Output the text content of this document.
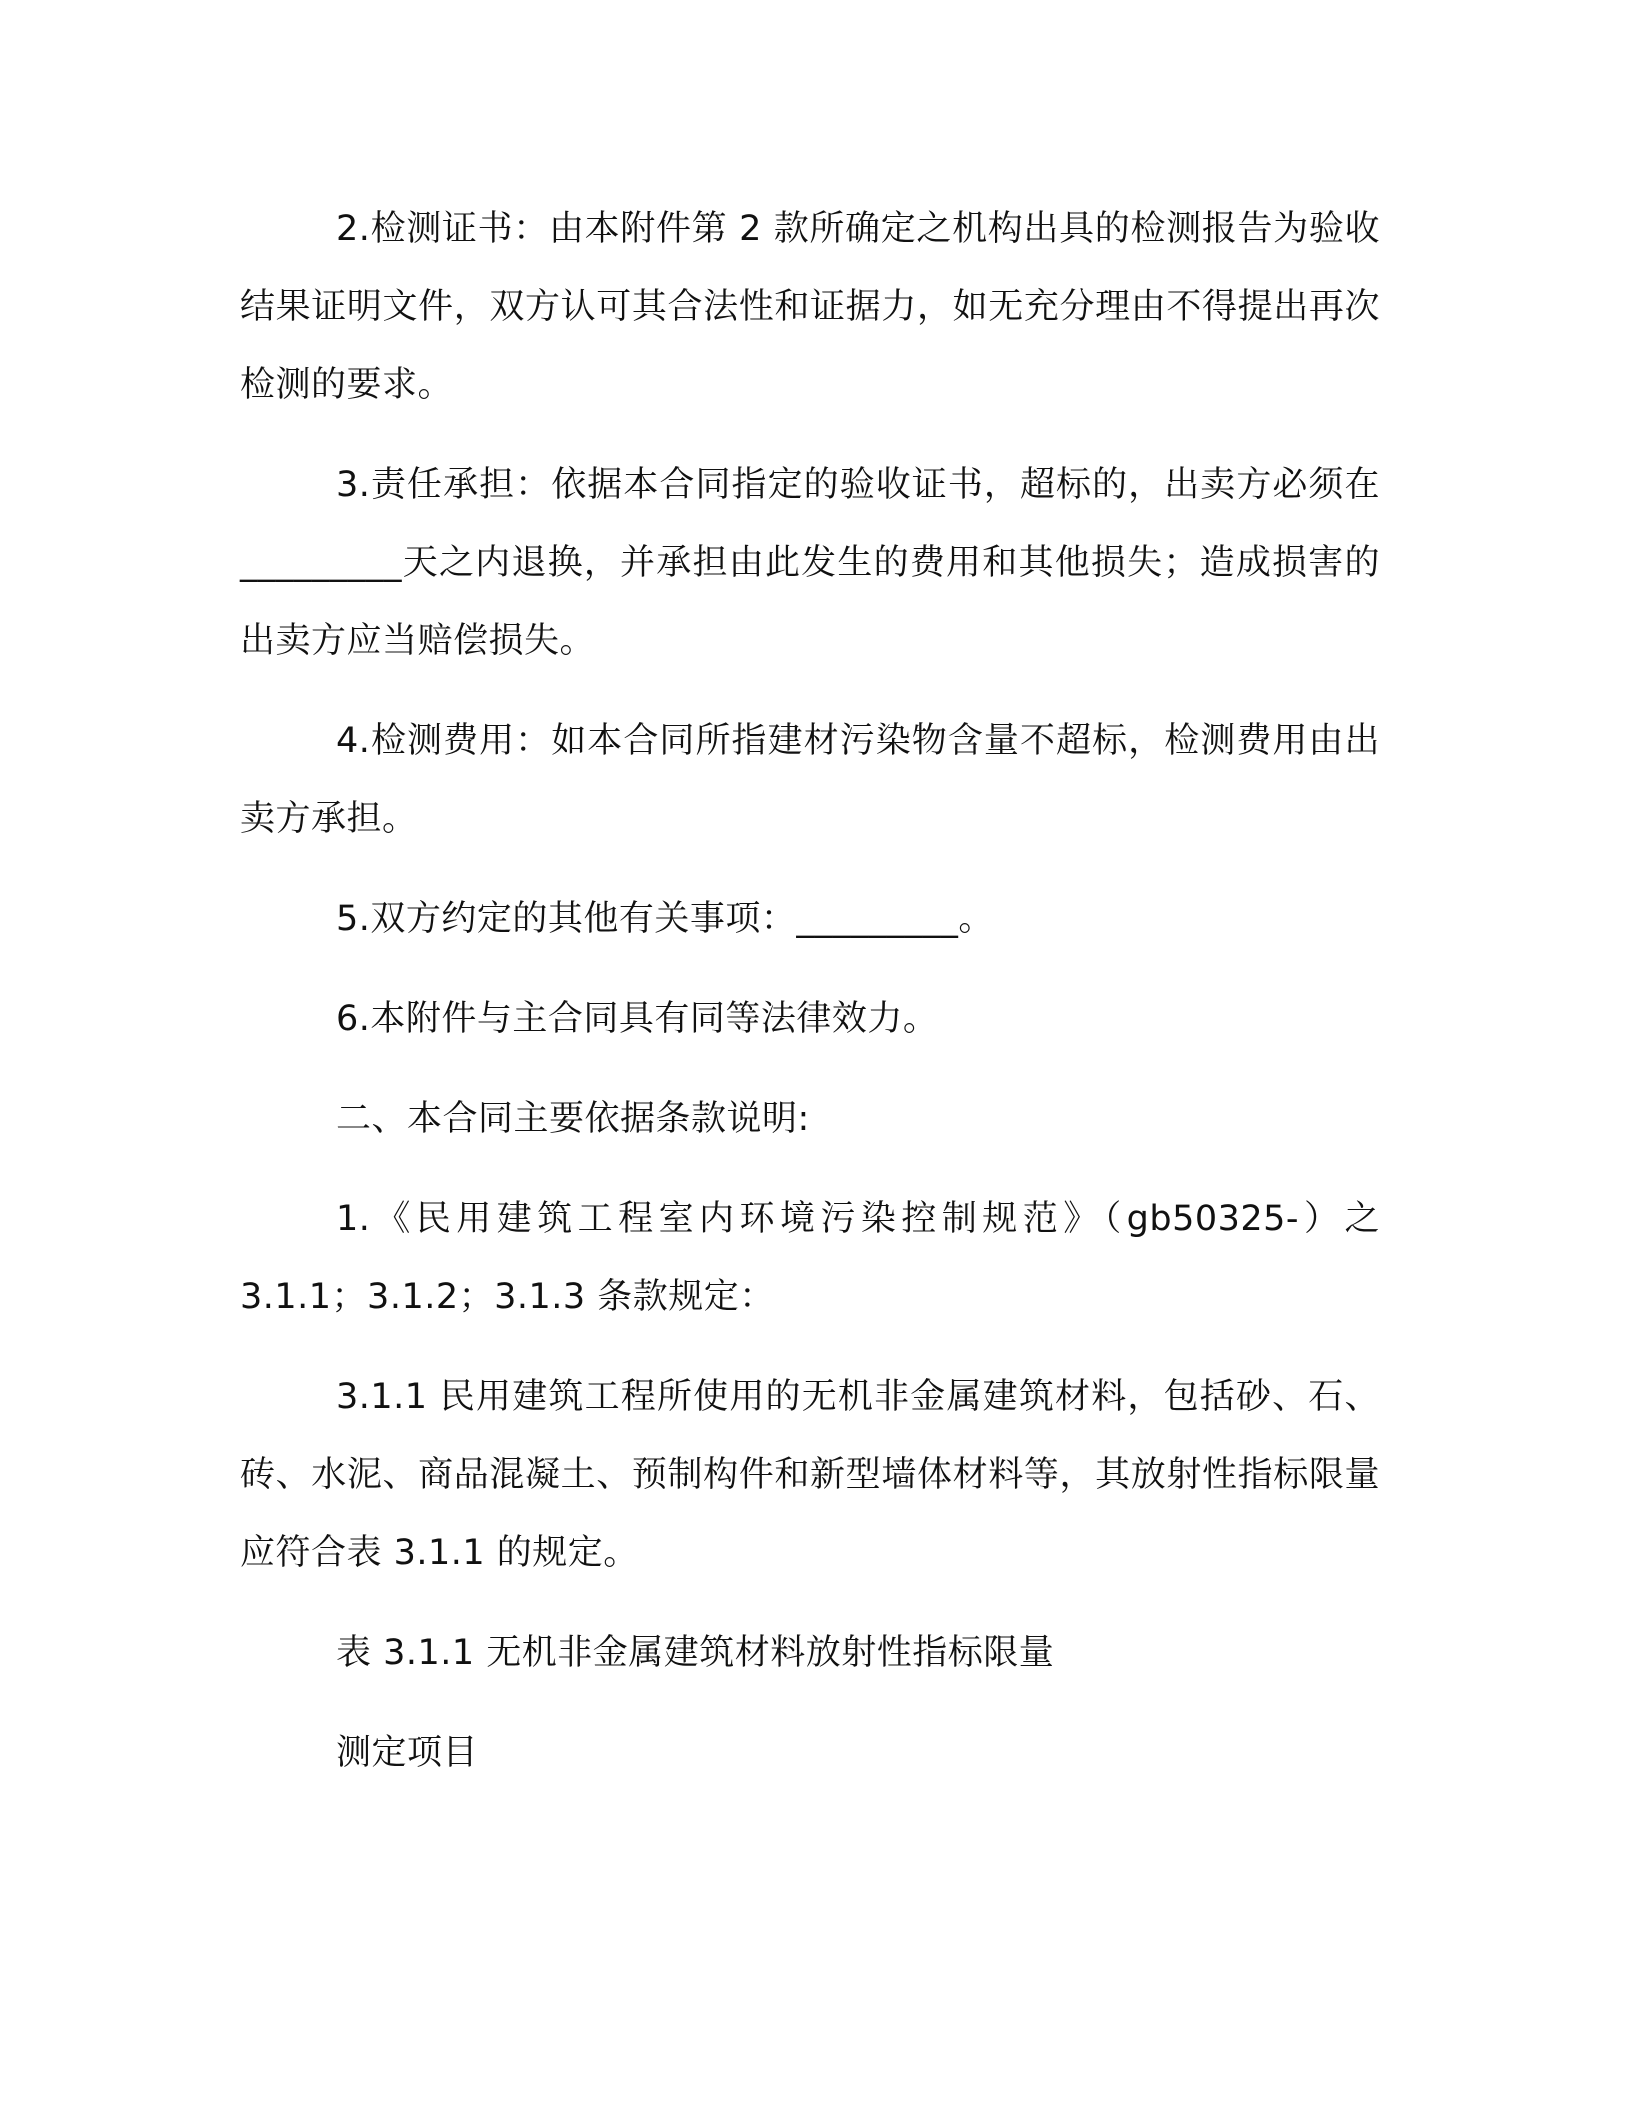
2.检测证书：由本附件第 2 款所确定之机构出具的检测报告为验收结果证明文件，双方认可其合法性和证据力，如无充分理由不得提出再次检测的要求。

3.责任承担：依据本合同指定的验收证书，超标的，出卖方必须在_________天之内退换，并承担由此发生的费用和其他损失；造成损害的出卖方应当赔偿损失。

4.检测费用：如本合同所指建材污染物含量不超标，检测费用由出卖方承担。

5.双方约定的其他有关事项：_________。

6.本附件与主合同具有同等法律效力。

二、本合同主要依据条款说明:

1.《民用建筑工程室内环境污染控制规范》（gb50325-）之 3.1.1；3.1.2；3.1.3 条款规定：

3.1.1 民用建筑工程所使用的无机非金属建筑材料，包括砂、石、砖、水泥、商品混凝土、预制构件和新型墙体材料等，其放射性指标限量应符合表 3.1.1 的规定。

表 3.1.1 无机非金属建筑材料放射性指标限量

测定项目
